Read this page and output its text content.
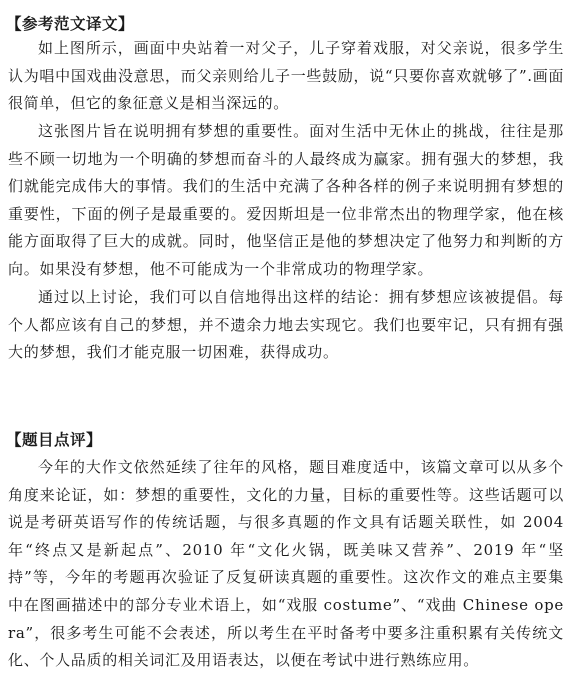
【参考范文译文】

如上图所示，画面中央站着一对父子，儿子穿着戏服，对父亲说，很多学生认为唱中国戏曲没意思，而父亲则给儿子一些鼓励，说“只要你喜欢就够了”.画面很简单，但它的象征意义是相当深远的。

这张图片旨在说明拥有梦想的重要性。面对生活中无休止的挑战，往往是那些不顾一切地为一个明确的梦想而奋斗的人最终成为赢家。拥有强大的梦想，我们就能完成伟大的事情。我们的生活中充满了各种各样的例子来说明拥有梦想的重要性，下面的例子是最重要的。爱因斯坦是一位非常杰出的物理学家，他在核能方面取得了巨大的成就。同时，他坚信正是他的梦想决定了他努力和判断的方向。如果没有梦想，他不可能成为一个非常成功的物理学家。

通过以上讨论，我们可以自信地得出这样的结论：拥有梦想应该被提倡。每个人都应该有自己的梦想，并不遗余力地去实现它。我们也要牢记，只有拥有强大的梦想，我们才能克服一切困难，获得成功。

【题目点评】

今年的大作文依然延续了往年的风格，题目难度适中，该篇文章可以从多个角度来论证，如：梦想的重要性，文化的力量，目标的重要性等。这些话题可以说是考研英语写作的传统话题，与很多真题的作文具有话题关联性，如 2004 年“终点又是新起点”、2010 年“文化火锅，既美味又营养”、2019 年“坚持”等，今年的考题再次验证了反复研读真题的重要性。这次作文的难点主要集中在图画描述中的部分专业术语上，如“戏服 costume”、“戏曲 Chinese opera”，很多考生可能不会表述，所以考生在平时备考中要多注重积累有关传统文化、个人品质的相关词汇及用语表达，以便在考试中进行熟练应用。
